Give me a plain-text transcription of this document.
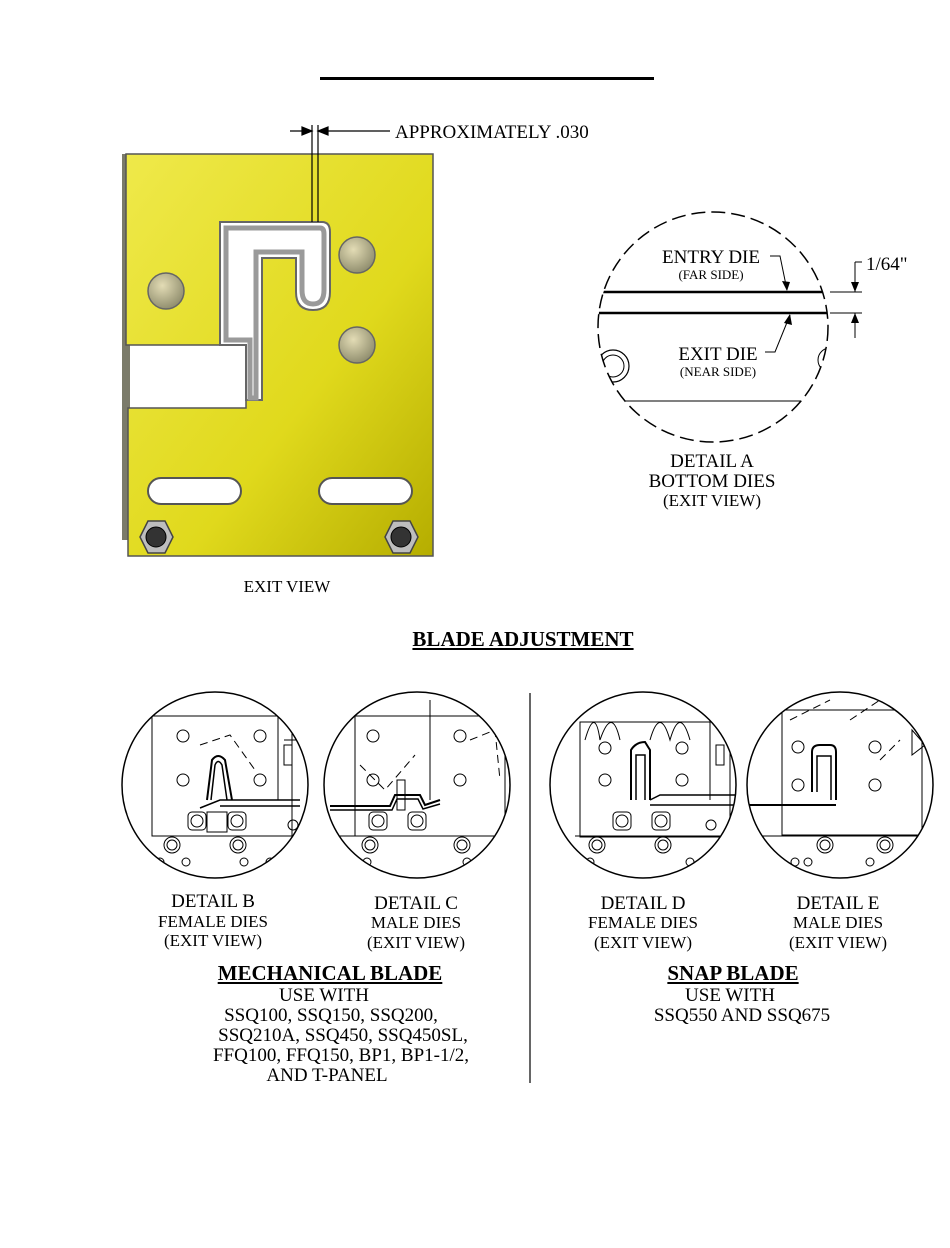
APPROXIMATELY .030
EXIT VIEW
ENTRY DIE
(FAR SIDE)
EXIT DIE
(NEAR SIDE)
1/64"
DETAIL A
BOTTOM DIES
(EXIT VIEW)
BLADE ADJUSTMENT
DETAIL B
FEMALE DIES
(EXIT VIEW)
DETAIL C
MALE DIES
(EXIT VIEW)
DETAIL D
FEMALE DIES
(EXIT VIEW)
DETAIL E
MALE DIES
(EXIT VIEW)
MECHANICAL BLADE
USE WITH
SSQ100, SSQ150, SSQ200,
SSQ210A, SSQ450, SSQ450SL,
FFQ100, FFQ150, BP1, BP1-1/2,
AND T-PANEL
SNAP BLADE
USE WITH
SSQ550 AND SSQ675
